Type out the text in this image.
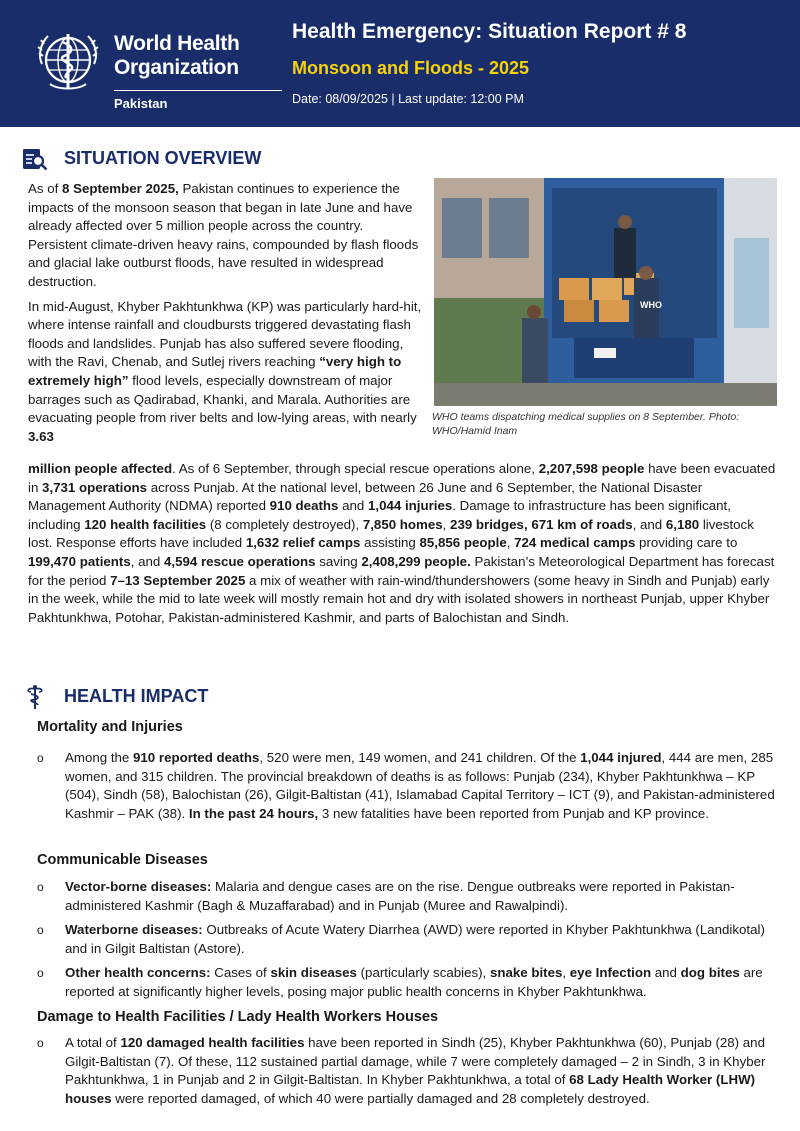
World Health
Organization
Pakistan
Health Emergency: Situation Report # 8
Monsoon and Floods - 2025
Date: 08/09/2025 | Last update: 12:00 PM
SITUATION OVERVIEW

As of 8 September 2025, Pakistan continues to experience the impacts of the monsoon season that began in late June and have already affected over 5 million people across the country. Persistent climate-driven heavy rains, compounded by flash floods and glacial lake outburst floods, have resulted in widespread destruction.

In mid-August, Khyber Pakhtunkhwa (KP) was particularly hard-hit, where intense rainfall and cloudbursts triggered devastating flash floods and landslides. Punjab has also suffered severe flooding, with the Ravi, Chenab, and Sutlej rivers reaching “very high to extremely high” flood levels, especially downstream of major barrages such as Qadirabad, Khanki, and Marala. Authorities are evacuating people from river belts and low-lying areas, with nearly 3.63

WHO
WHO teams dispatching medical supplies on 8 September. Photo: WHO/Hamid Inam

million people affected. As of 6 September, through special rescue operations alone, 2,207,598 people have been evacuated in 3,731 operations across Punjab. At the national level, between 26 June and 6 September, the National Disaster Management Authority (NDMA) reported 910 deaths and 1,044 injuries. Damage to infrastructure has been significant, including 120 health facilities (8 completely destroyed), 7,850 homes, 239 bridges, 671 km of roads, and 6,180 livestock lost. Response efforts have included 1,632 relief camps assisting 85,856 people, 724 medical camps providing care to 199,470 patients, and 4,594 rescue operations saving 2,408,299 people. Pakistan’s Meteorological Department has forecast for the period 7–13 September 2025 a mix of weather with rain-wind/thundershowers (some heavy in Sindh and Punjab) early in the week, while the mid to late week will mostly remain hot and dry with isolated showers in northeast Punjab, upper Khyber Pakhtunkhwa, Potohar, Pakistan-administered Kashmir, and parts of Balochistan and Sindh.

HEALTH IMPACT
Mortality and Injuries
o Among the 910 reported deaths, 520 were men, 149 women, and 241 children. Of the 1,044 injured, 444 are men, 285 women, and 315 children. The provincial breakdown of deaths is as follows: Punjab (234), Khyber Pakhtunkhwa – KP (504), Sindh (58), Balochistan (26), Gilgit-Baltistan (41), Islamabad Capital Territory – ICT (9), and Pakistan-administered Kashmir – PAK (38). In the past 24 hours, 3 new fatalities have been reported from Punjab and KP province.
Communicable Diseases
o Vector-borne diseases: Malaria and dengue cases are on the rise. Dengue outbreaks were reported in Pakistan-administered Kashmir (Bagh & Muzaffarabad) and in Punjab (Muree and Rawalpindi).
o Waterborne diseases: Outbreaks of Acute Watery Diarrhea (AWD) were reported in Khyber Pakhtunkhwa (Landikotal) and in Gilgit Baltistan (Astore).
o Other health concerns: Cases of skin diseases (particularly scabies), snake bites, eye Infection and dog bites are reported at significantly higher levels, posing major public health concerns in Khyber Pakhtunkhwa.
Damage to Health Facilities / Lady Health Workers Houses
o A total of 120 damaged health facilities have been reported in Sindh (25), Khyber Pakhtunkhwa (60), Punjab (28) and Gilgit-Baltistan (7). Of these, 112 sustained partial damage, while 7 were completely damaged – 2 in Sindh, 3 in Khyber Pakhtunkhwa, 1 in Punjab and 2 in Gilgit-Baltistan. In Khyber Pakhtunkhwa, a total of 68 Lady Health Worker (LHW) houses were reported damaged, of which 40 were partially damaged and 28 completely destroyed.
